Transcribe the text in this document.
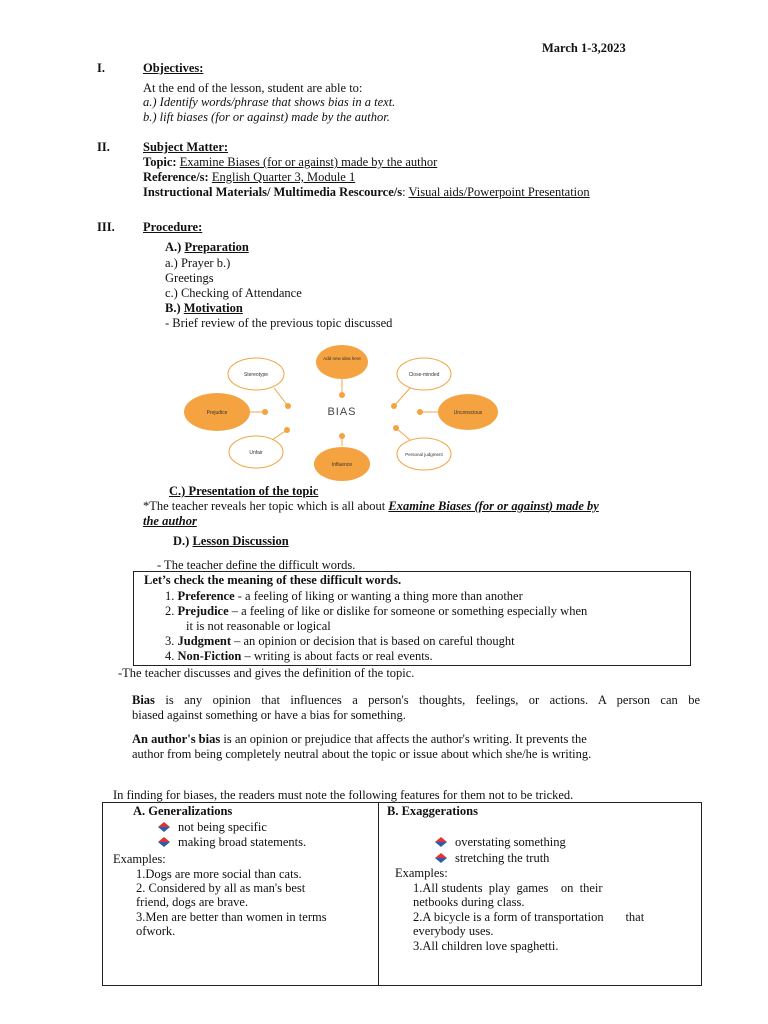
March 1-3,2023
I.	Objectives:
At the end of the lesson, student are able to:
a.) Identify words/phrase that shows bias in a text.
b.) lift biases (for or against) made by the author.
II.	Subject Matter:
Topic: Examine Biases (for or against) made by the author
Reference/s: English Quarter 3, Module 1
Instructional Materials/ Multimedia Rescource/s: Visual aids/Powerpoint Presentation
III. Procedure:
A.) Preparation
a.) Prayer b.)
Greetings
c.) Checking of Attendance
B.) Motivation
- Brief review of the previous topic discussed
Add new idea here
Stereotype	Close-minded
Prejudice	BIAS	Unconscious
Unfair	Personal judgment
Influence
C.) Presentation of the topic
*The teacher reveals her topic which is all about Examine Biases (for or against) made by
the author
D.) Lesson Discussion
- The teacher define the difficult words.
Let’s check the meaning of these difficult words.
1. Preference - a feeling of liking or wanting a thing more than another
2. Prejudice – a feeling of like or dislike for someone or something especially when
it is not reasonable or logical
3. Judgment – an opinion or decision that is based on careful thought
4. Non-Fiction – writing is about facts or real events.
-The teacher discusses and gives the definition of the topic.
Bias is any opinion that influences a person's thoughts, feelings, or actions. A person can be
biased against something or have a bias for something.
An author's bias is an opinion or prejudice that affects the author's writing. It prevents the
author from being completely neutral about the topic or issue about which she/he is writing.
In finding for biases, the readers must note the following features for them not to be tricked.
A. Generalizations
not being specific
making broad statements.
Examples:
1.Dogs are more social than cats.
2. Considered by all as man's best
friend, dogs are brave.
3.Men are better than women in terms
ofwork.
B. Exaggerations
overstating something
stretching the truth
Examples:
1.All students  play  games    on  their
netbooks during class.
2.A bicycle is a form of transportation       that
everybody uses.
3.All children love spaghetti.
